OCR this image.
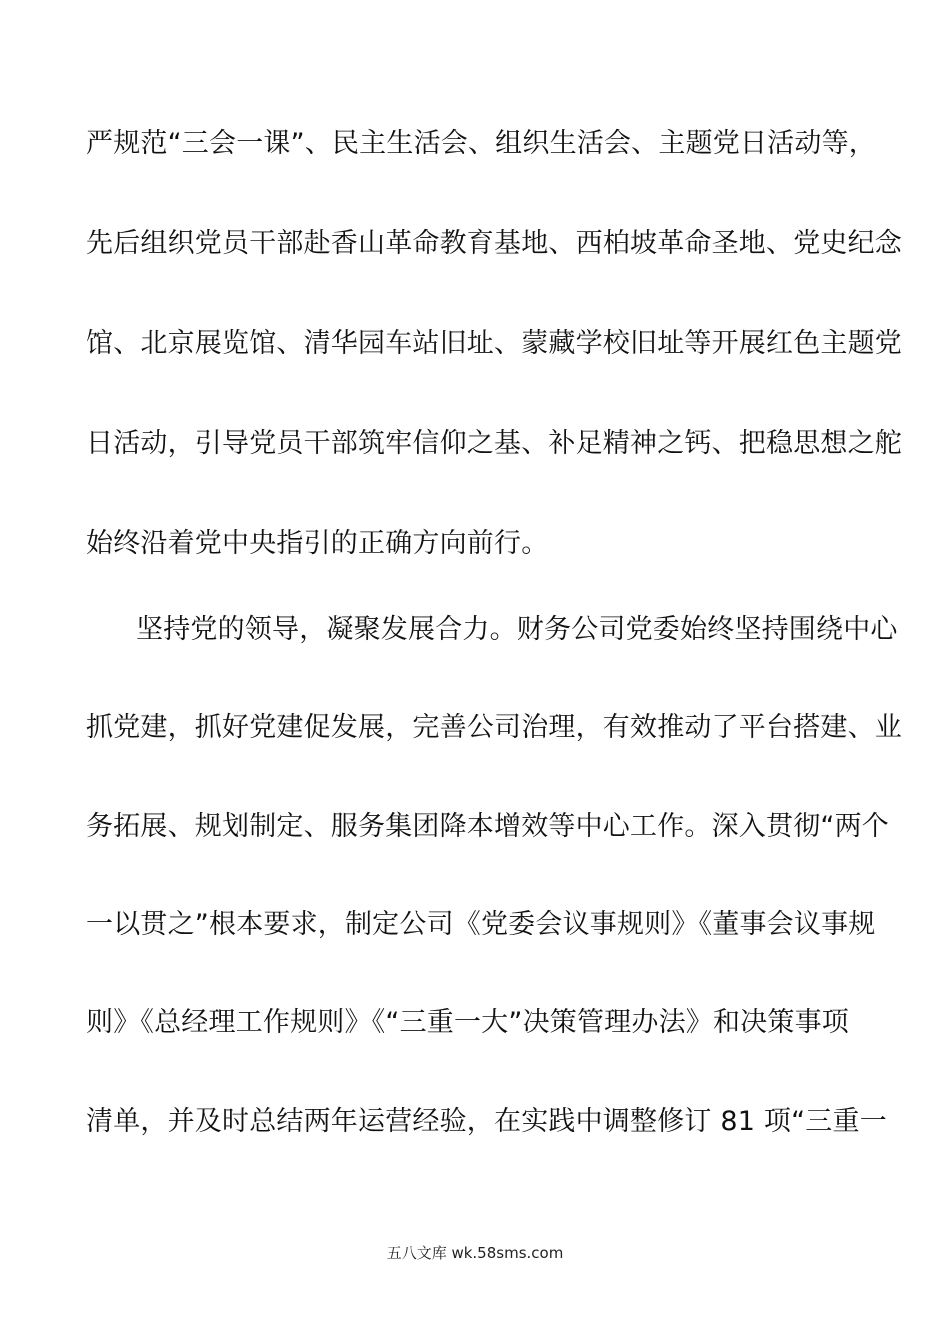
严规范“三会一课”、民主生活会、组织生活会、主题党日活动等，
先后组织党员干部赴香山革命教育基地、西柏坡革命圣地、党史纪念
馆、北京展览馆、清华园车站旧址、蒙藏学校旧址等开展红色主题党
日活动，引导党员干部筑牢信仰之基、补足精神之钙、把稳思想之舵
始终沿着党中央指引的正确方向前行。
坚持党的领导，凝聚发展合力。财务公司党委始终坚持围绕中心
抓党建，抓好党建促发展，完善公司治理，有效推动了平台搭建、业
务拓展、规划制定、服务集团降本增效等中心工作。深入贯彻“两个
一以贯之”根本要求，制定公司《党委会议事规则》《董事会议事规
则》《总经理工作规则》《“三重一大”决策管理办法》和决策事项
清单，并及时总结两年运营经验，在实践中调整修订 81 项“三重一
五八文库 wk.58sms.com
